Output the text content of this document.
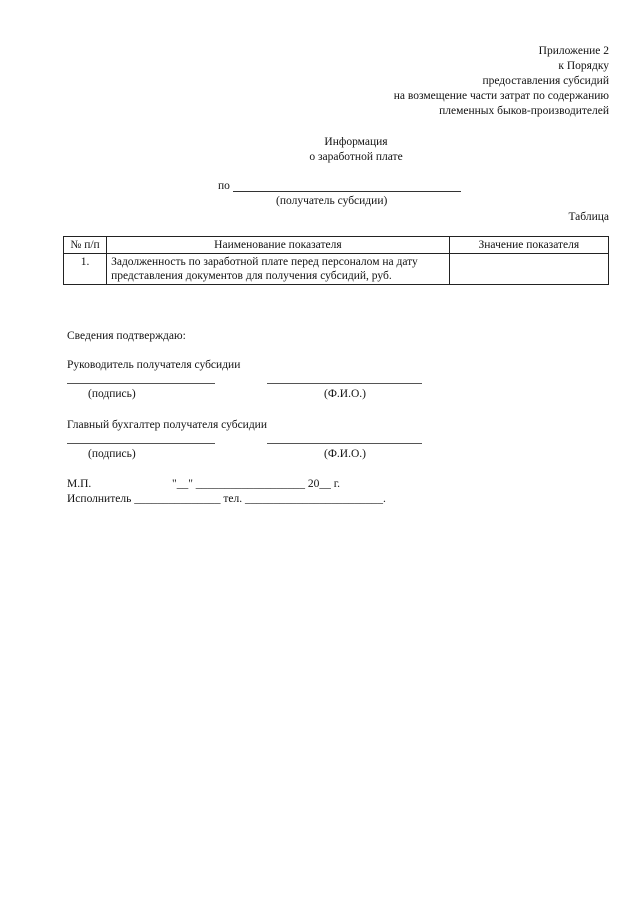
Приложение 2
к Порядку
предоставления субсидий
на возмещение части затрат по содержанию
племенных быков-производителей
Информация
о заработной плате
по
(получатель субсидии)
Таблица
№ п/п	Наименование показателя	Значение показателя
1.	Задолженность по заработной плате перед персоналом на дату представления документов для получения субсидий, руб.	
Сведения подтверждаю:
Руководитель получателя субсидии
(подпись)	(Ф.И.О.)
Главный бухгалтер получателя субсидии
(подпись)	(Ф.И.О.)
М.П.	"__" ___________________ 20__ г.
Исполнитель _______________ тел. ________________________.
